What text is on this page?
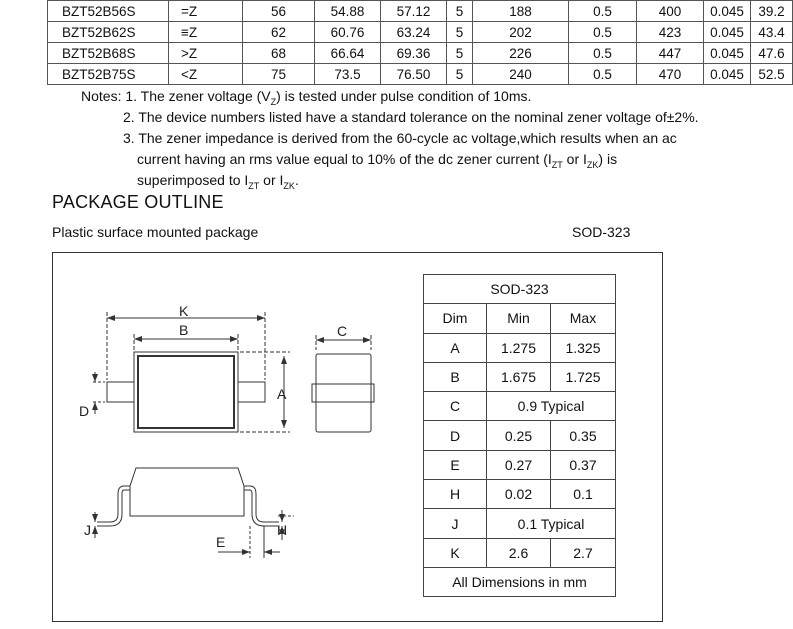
BZT52B56S	=Z	56	54.88	57.12	5	188	0.5	400	0.045	39.2
BZT52B62S	≡Z	62	60.76	63.24	5	202	0.5	423	0.045	43.4
BZT52B68S	>Z	68	66.64	69.36	5	226	0.5	447	0.045	47.6
BZT52B75S	<Z	75	73.5	76.50	5	240	0.5	470	0.045	52.5
Notes: 1. The zener voltage $(V_Z)$ is tested under pulse condition of 10ms.
2. The device numbers listed have a standard tolerance on the nominal zener voltage of±2%.
3. The zener impedance is derived from the 60-cycle ac voltage,which results when an ac
current having an rms value equal to 10% of the dc zener current ($I_{ZT}$ or $I_{ZK}$) is
superimposed to $I_{ZT}$ or $I_{ZK}$.
PACKAGE OUTLINE
Plastic surface mounted package	SOD-323
K
B	C
A
D
J	H
E
SOD-323		
Dim	Min	Max
A	1.275	1.325
B	1.675	1.725
C	0.9 Typical	
D	0.25	0.35
E	0.27	0.37
H	0.02	0.1
J	0.1 Typical	
K	2.6	2.7
All Dimensions in mm		
